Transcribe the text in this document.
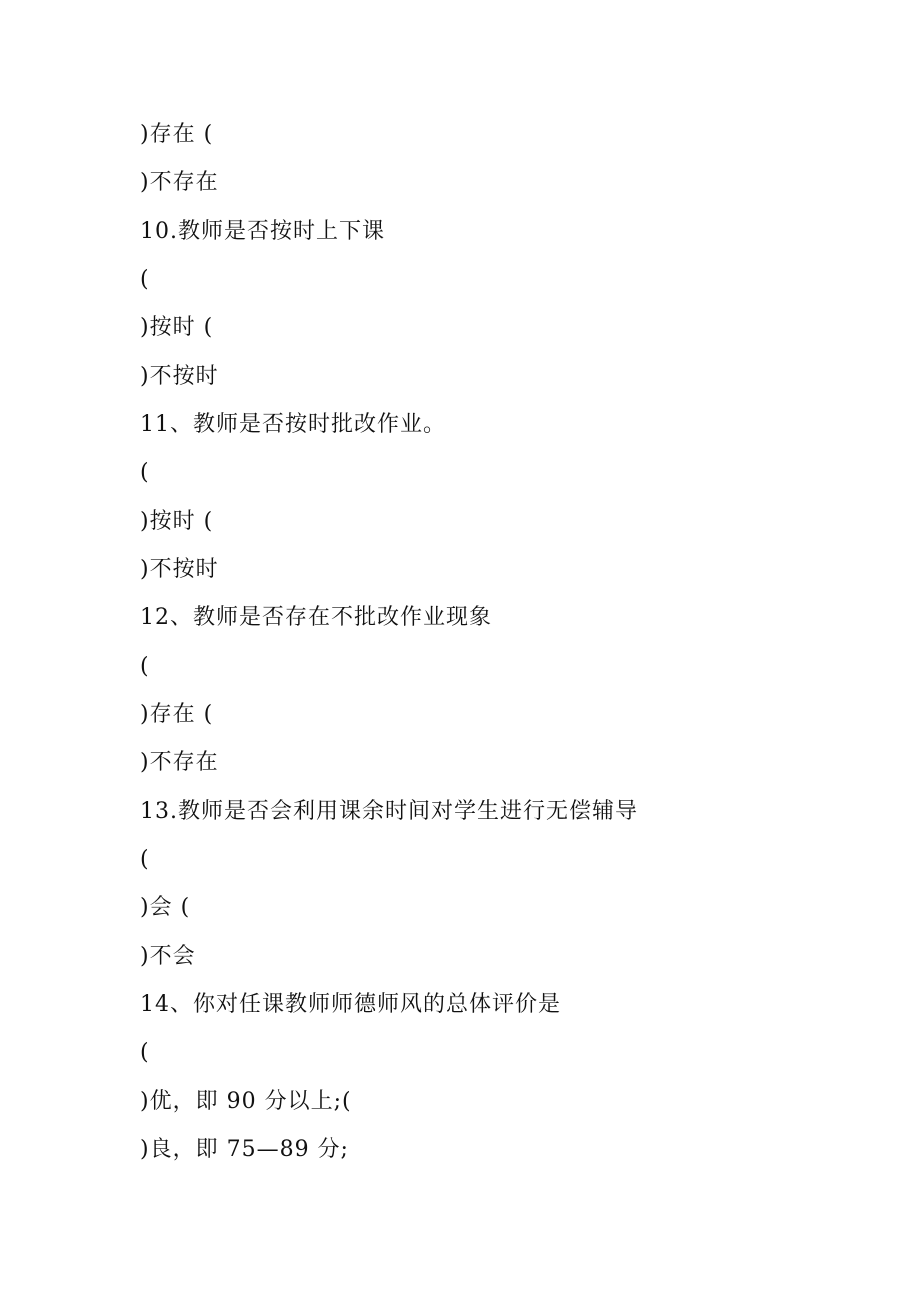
)存在 (
)不存在
10.教师是否按时上下课
(
)按时 (
)不按时
11、教师是否按时批改作业。
(
)按时 (
)不按时
12、教师是否存在不批改作业现象
(
)存在 (
)不存在
13.教师是否会利用课余时间对学生进行无偿辅导
(
)会 (
)不会
14、你对任课教师师德师风的总体评价是
(
)优，即 90 分以上;(
)良，即 75—89 分;
